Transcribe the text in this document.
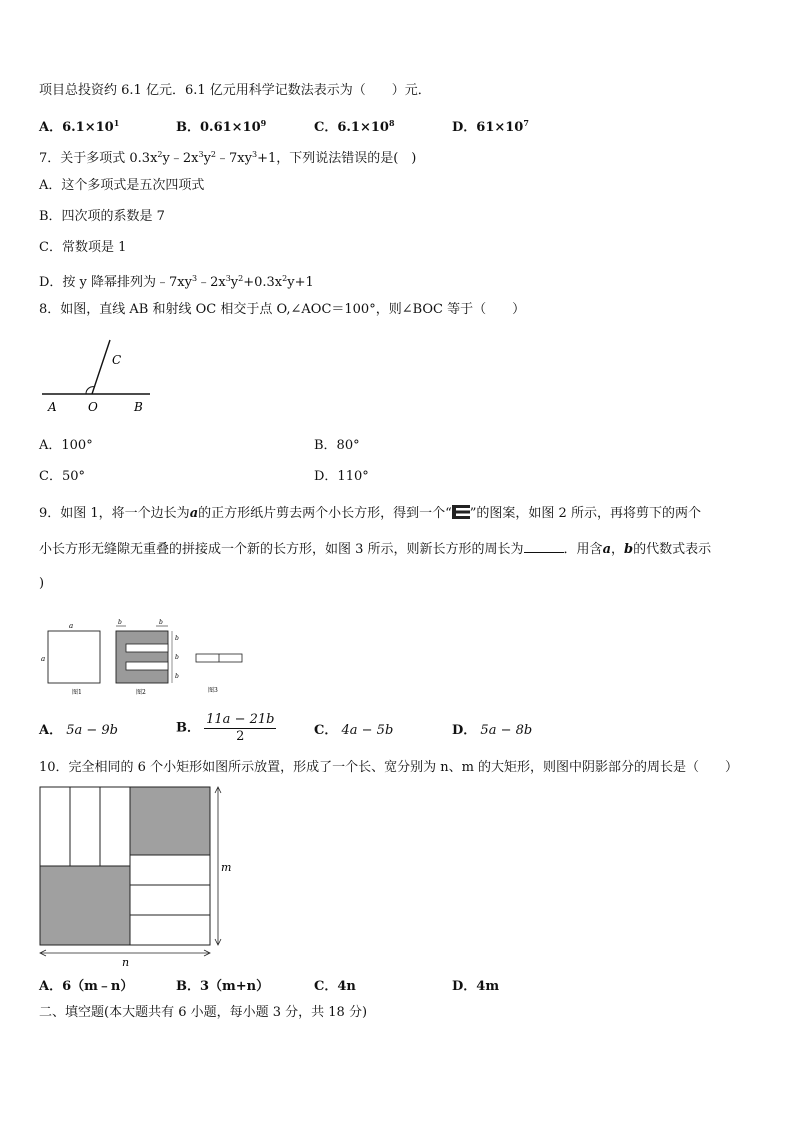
项目总投资约 6.1 亿元．6.1 亿元用科学记数法表示为（　　）元．
A．$6.1\times 10^1$	B．$0.61\times 10^9$	C．$6.1\times 10^8$	D．$61\times 10^7$
7．关于多项式 $0.3x^2y﹣2x^3y^2﹣7xy^3+1$，下列说法错误的是(　)
A．这个多项式是五次四项式
B．四次项的系数是 7
C．常数项是 1
D．按 y 降幂排列为$﹣7xy^3﹣2x^3y^2+0.3x^2y+1$
8．如图，直线 AB 和射线 OC 相交于点 O,∠AOC＝100°，则∠BOC 等于（　　）
A	O	B
C
A．100°	B．80°
C．50°	D．110°
9．如图 1，将一个边长为a的正方形纸片剪去两个小长方形，得到一个“ ”的图案，如图 2 所示，再将剪下的两个
小长方形无缝隙无重叠的拼接成一个新的长方形，如图 3 所示，则新长方形的周长为	．用含a，b的代数式表示
)
a
a
图1
b	b
b
b
b
图2	图3
A． 5a − 9b	B． $\frac{11a - 21b}{2}$	C． 4a − 5b	D． 5a − 8b
10．完全相同的 6 个小矩形如图所示放置，形成了一个长、宽分别为 n、m 的大矩形，则图中阴影部分的周长是（　　）
m
n
A．6（m﹣n）	B．3（m+n）	C．4n	D．4m
二、填空题(本大题共有 6 小题，每小题 3 分，共 18 分)
